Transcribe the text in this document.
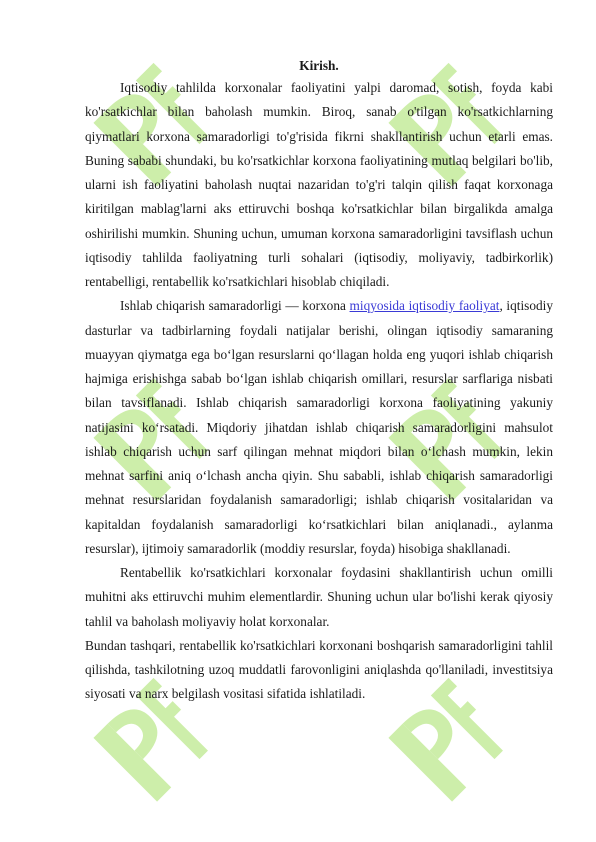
Kirish.

Iqtisodiy tahlilda korxonalar faoliyatini yalpi daromad, sotish, foyda kabi ko'rsatkichlar bilan baholash mumkin. Biroq, sanab o'tilgan ko'rsatkichlarning qiymatlari korxona samaradorligi to'g'risida fikrni shakllantirish uchun etarli emas. Buning sababi shundaki, bu ko'rsatkichlar korxona faoliyatining mutlaq belgilari bo'lib, ularni ish faoliyatini baholash nuqtai nazaridan to'g'ri talqin qilish faqat korxonaga kiritilgan mablag'larni aks ettiruvchi boshqa ko'rsatkichlar bilan birgalikda amalga oshirilishi mumkin. Shuning uchun, umuman korxona samaradorligini tavsiflash uchun iqtisodiy tahlilda faoliyatning turli sohalari (iqtisodiy, moliyaviy, tadbirkorlik) rentabelligi, rentabellik ko'rsatkichlari hisoblab chiqiladi.

Ishlab chiqarish samaradorligi — korxona miqyosida iqtisodiy faoliyat, iqtisodiy dasturlar va tadbirlarning foydali natijalar berishi, olingan iqtisodiy samaraning muayyan qiymatga ega bo‘lgan resurslarni qo‘llagan holda eng yuqori ishlab chiqarish hajmiga erishishga sabab bo‘lgan ishlab chiqarish omillari, resurslar sarflariga nisbati bilan tavsiflanadi. Ishlab chiqarish samaradorligi korxona faoliyatining yakuniy natijasini ko‘rsatadi. Miqdoriy jihatdan ishlab chiqarish samaradorligini mahsulot ishlab chiqarish uchun sarf qilingan mehnat miqdori bilan o‘lchash mumkin, lekin mehnat sarfini aniq o‘lchash ancha qiyin. Shu sababli, ishlab chiqarish samaradorligi mehnat resurslaridan foydalanish samaradorligi; ishlab chiqarish vositalaridan va kapitaldan foydalanish samaradorligi ko‘rsatkichlari bilan aniqlanadi., aylanma resurslar), ijtimoiy samaradorlik (moddiy resurslar, foyda) hisobiga shakllanadi.

Rentabellik ko'rsatkichlari korxonalar foydasini shakllantirish uchun omilli muhitni aks ettiruvchi muhim elementlardir. Shuning uchun ular bo'lishi kerak qiyosiy tahlil va baholash moliyaviy holat korxonalar.

Bundan tashqari, rentabellik ko'rsatkichlari korxonani boshqarish samaradorligini tahlil qilishda, tashkilotning uzoq muddatli farovonligini aniqlashda qo'llaniladi, investitsiya siyosati va narx belgilash vositasi sifatida ishlatiladi.
